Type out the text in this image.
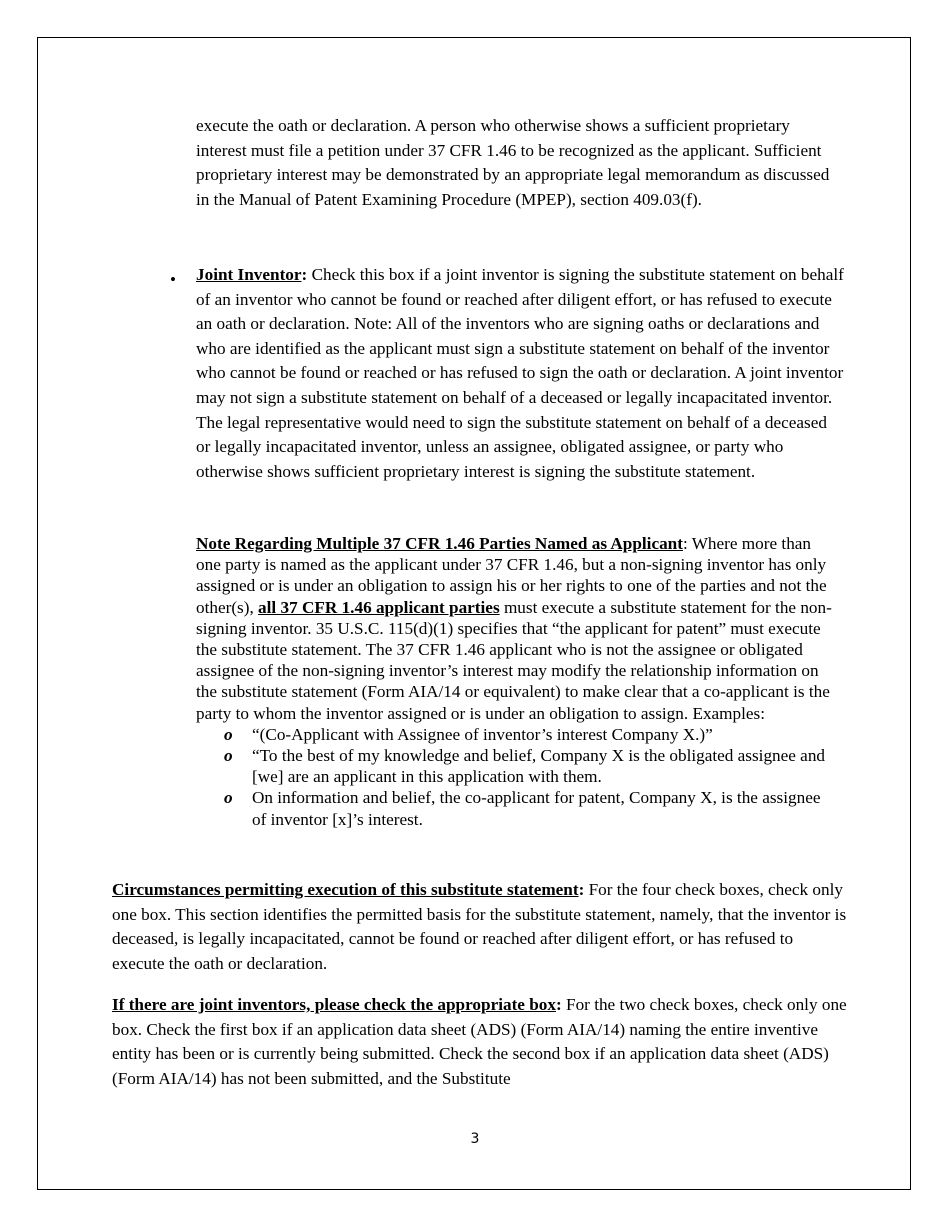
execute the oath or declaration. A person who otherwise shows a sufficient proprietary interest must file a petition under 37 CFR 1.46 to be recognized as the applicant. Sufficient proprietary interest may be demonstrated by an appropriate legal memorandum as discussed in the Manual of Patent Examining Procedure (MPEP), section 409.03(f).

• Joint Inventor: Check this box if a joint inventor is signing the substitute statement on behalf of an inventor who cannot be found or reached after diligent effort, or has refused to execute an oath or declaration. Note: All of the inventors who are signing oaths or declarations and who are identified as the applicant must sign a substitute statement on behalf of the inventor who cannot be found or reached or has refused to sign the oath or declaration. A joint inventor may not sign a substitute statement on behalf of a deceased or legally incapacitated inventor. The legal representative would need to sign the substitute statement on behalf of a deceased or legally incapacitated inventor, unless an assignee, obligated assignee, or party who otherwise shows sufficient proprietary interest is signing the substitute statement.

Note Regarding Multiple 37 CFR 1.46 Parties Named as Applicant: Where more than one party is named as the applicant under 37 CFR 1.46, but a non-signing inventor has only assigned or is under an obligation to assign his or her rights to one of the parties and not the other(s), all 37 CFR 1.46 applicant parties must execute a substitute statement for the non-signing inventor. 35 U.S.C. 115(d)(1) specifies that “the applicant for patent” must execute the substitute statement. The 37 CFR 1.46 applicant who is not the assignee or obligated assignee of the non-signing inventor’s interest may modify the relationship information on the substitute statement (Form AIA/14 or equivalent) to make clear that a co-applicant is the party to whom the inventor assigned or is under an obligation to assign. Examples:

o “(Co-Applicant with Assignee of inventor’s interest Company X.)”
o “To the best of my knowledge and belief, Company X is the obligated assignee and [we] are an applicant in this application with them.
o On information and belief, the co-applicant for patent, Company X, is the assignee of inventor [x]’s interest.

Circumstances permitting execution of this substitute statement: For the four check boxes, check only one box. This section identifies the permitted basis for the substitute statement, namely, that the inventor is deceased, is legally incapacitated, cannot be found or reached after diligent effort, or has refused to execute the oath or declaration.

If there are joint inventors, please check the appropriate box: For the two check boxes, check only one box. Check the first box if an application data sheet (ADS) (Form AIA/14) naming the entire inventive entity has been or is currently being submitted. Check the second box if an application data sheet (ADS) (Form AIA/14) has not been submitted, and the Substitute

3
